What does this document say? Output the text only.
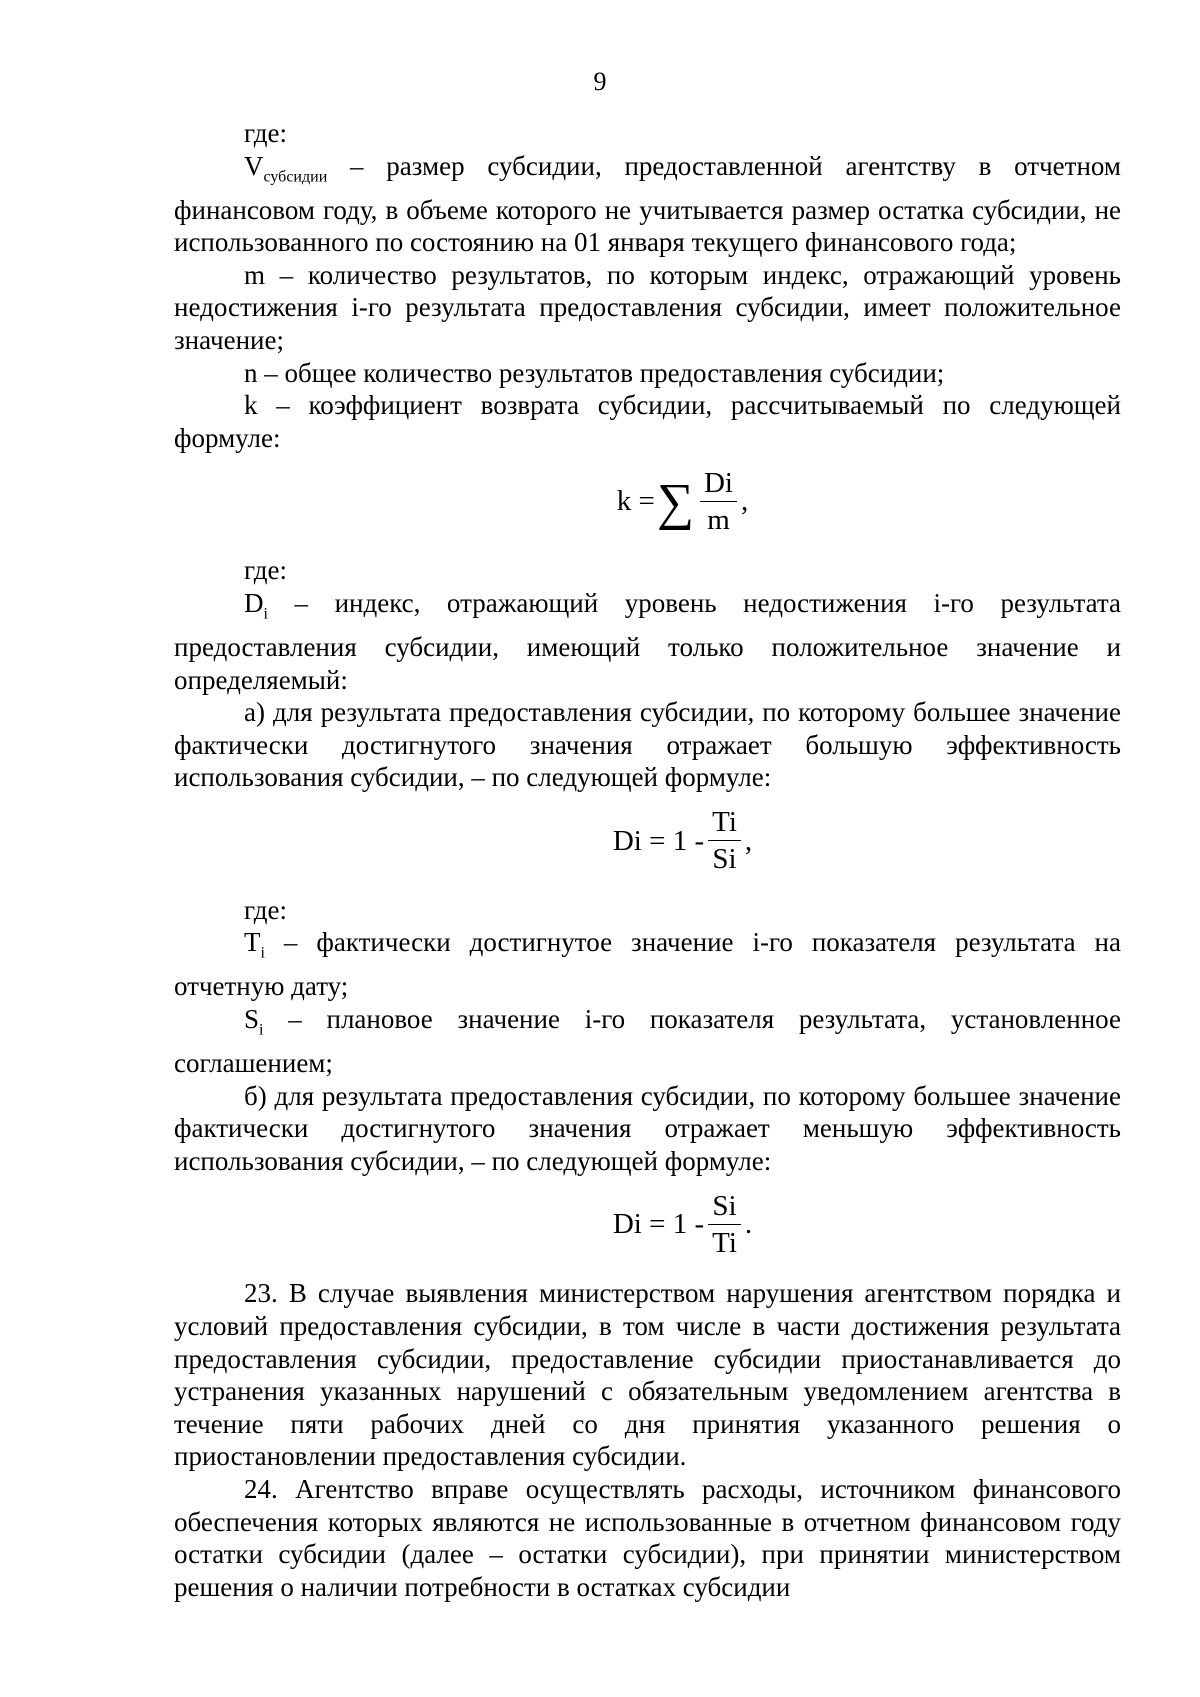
9

где:

$V_{субсидии}$ – размер субсидии, предоставленной агентству в отчетном финансовом году, в объеме которого не учитывается размер остатка субсидии, не использованного по состоянию на 01 января текущего финансового года;

m – количество результатов, по которым индекс, отражающий уровень недостижения i-го результата предоставления субсидии, имеет положительное значение;

n – общее количество результатов предоставления субсидии;

k – коэффициент возврата субсидии, рассчитываемый по следующей формуле:

k = ∑ $\frac{Di}{m}$ ,

где:

$D_i$ – индекс, отражающий уровень недостижения i-го результата предоставления субсидии, имеющий только положительное значение и определяемый:

а) для результата предоставления субсидии, по которому большее значение фактически достигнутого значения отражает большую эффективность использования субсидии, – по следующей формуле:

$Di = 1 - \frac{Ti}{Si}$ ,

где:

$T_i$ – фактически достигнутое значение i-го показателя результата на отчетную дату;

$S_i$ – плановое значение i-го показателя результата, установленное соглашением;

б) для результата предоставления субсидии, по которому большее значение фактически достигнутого значения отражает меньшую эффективность использования субсидии, – по следующей формуле:

$Di = 1 - \frac{Si}{Ti}$ .

23. В случае выявления министерством нарушения агентством порядка и условий предоставления субсидии, в том числе в части достижения результата предоставления субсидии, предоставление субсидии приостанавливается до устранения указанных нарушений с обязательным уведомлением агентства в течение пяти рабочих дней со дня принятия указанного решения о приостановлении предоставления субсидии.

24. Агентство вправе осуществлять расходы, источником финансового обеспечения которых являются не использованные в отчетном финансовом году остатки субсидии (далее – остатки субсидии), при принятии министерством решения о наличии потребности в остатках субсидии
